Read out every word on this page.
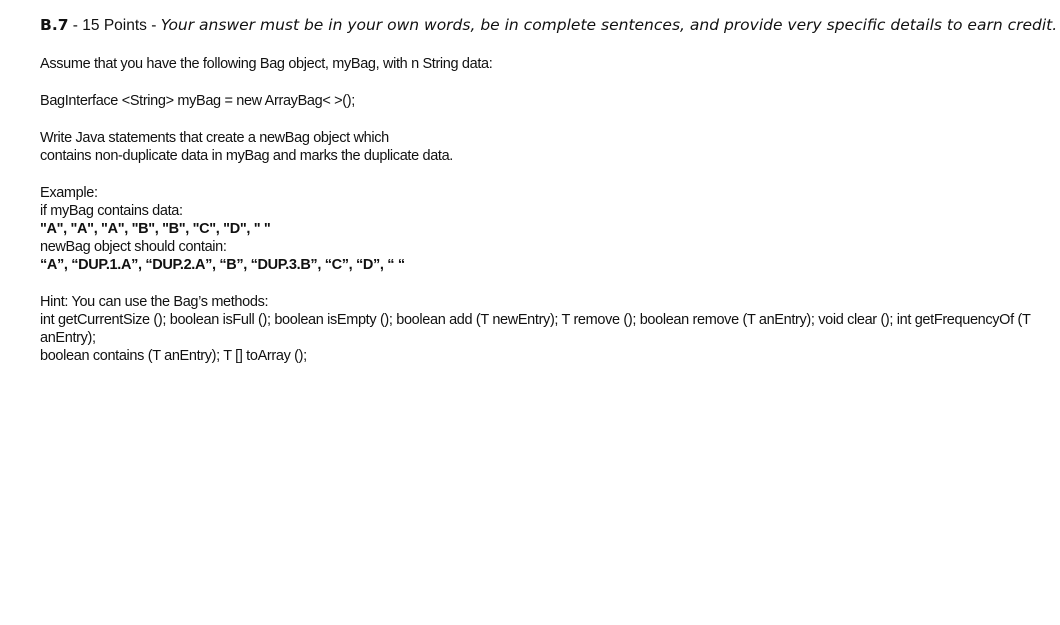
B.7 - 15 Points - Your answer must be in your own words, be in complete sentences, and provide very specific details to earn credit.

Assume that you have the following Bag object, myBag, with n String data:

BagInterface <String> myBag = new ArrayBag< >();

Write Java statements that create a newBag object which

contains non-duplicate data in myBag and marks the duplicate data.

Example:

if myBag contains data:

"A", "A", "A", "B", "B", "C", "D", " "

newBag object should contain:

“A”, “DUP.1.A”, “DUP.2.A”, “B”, “DUP.3.B”, “C”, “D”, “ “

Hint: You can use the Bag’s methods:

int getCurrentSize (); boolean isFull (); boolean isEmpty (); boolean add (T newEntry); T remove (); boolean remove (T anEntry); void clear (); int getFrequencyOf (T

anEntry);

boolean contains (T anEntry); T [] toArray ();
